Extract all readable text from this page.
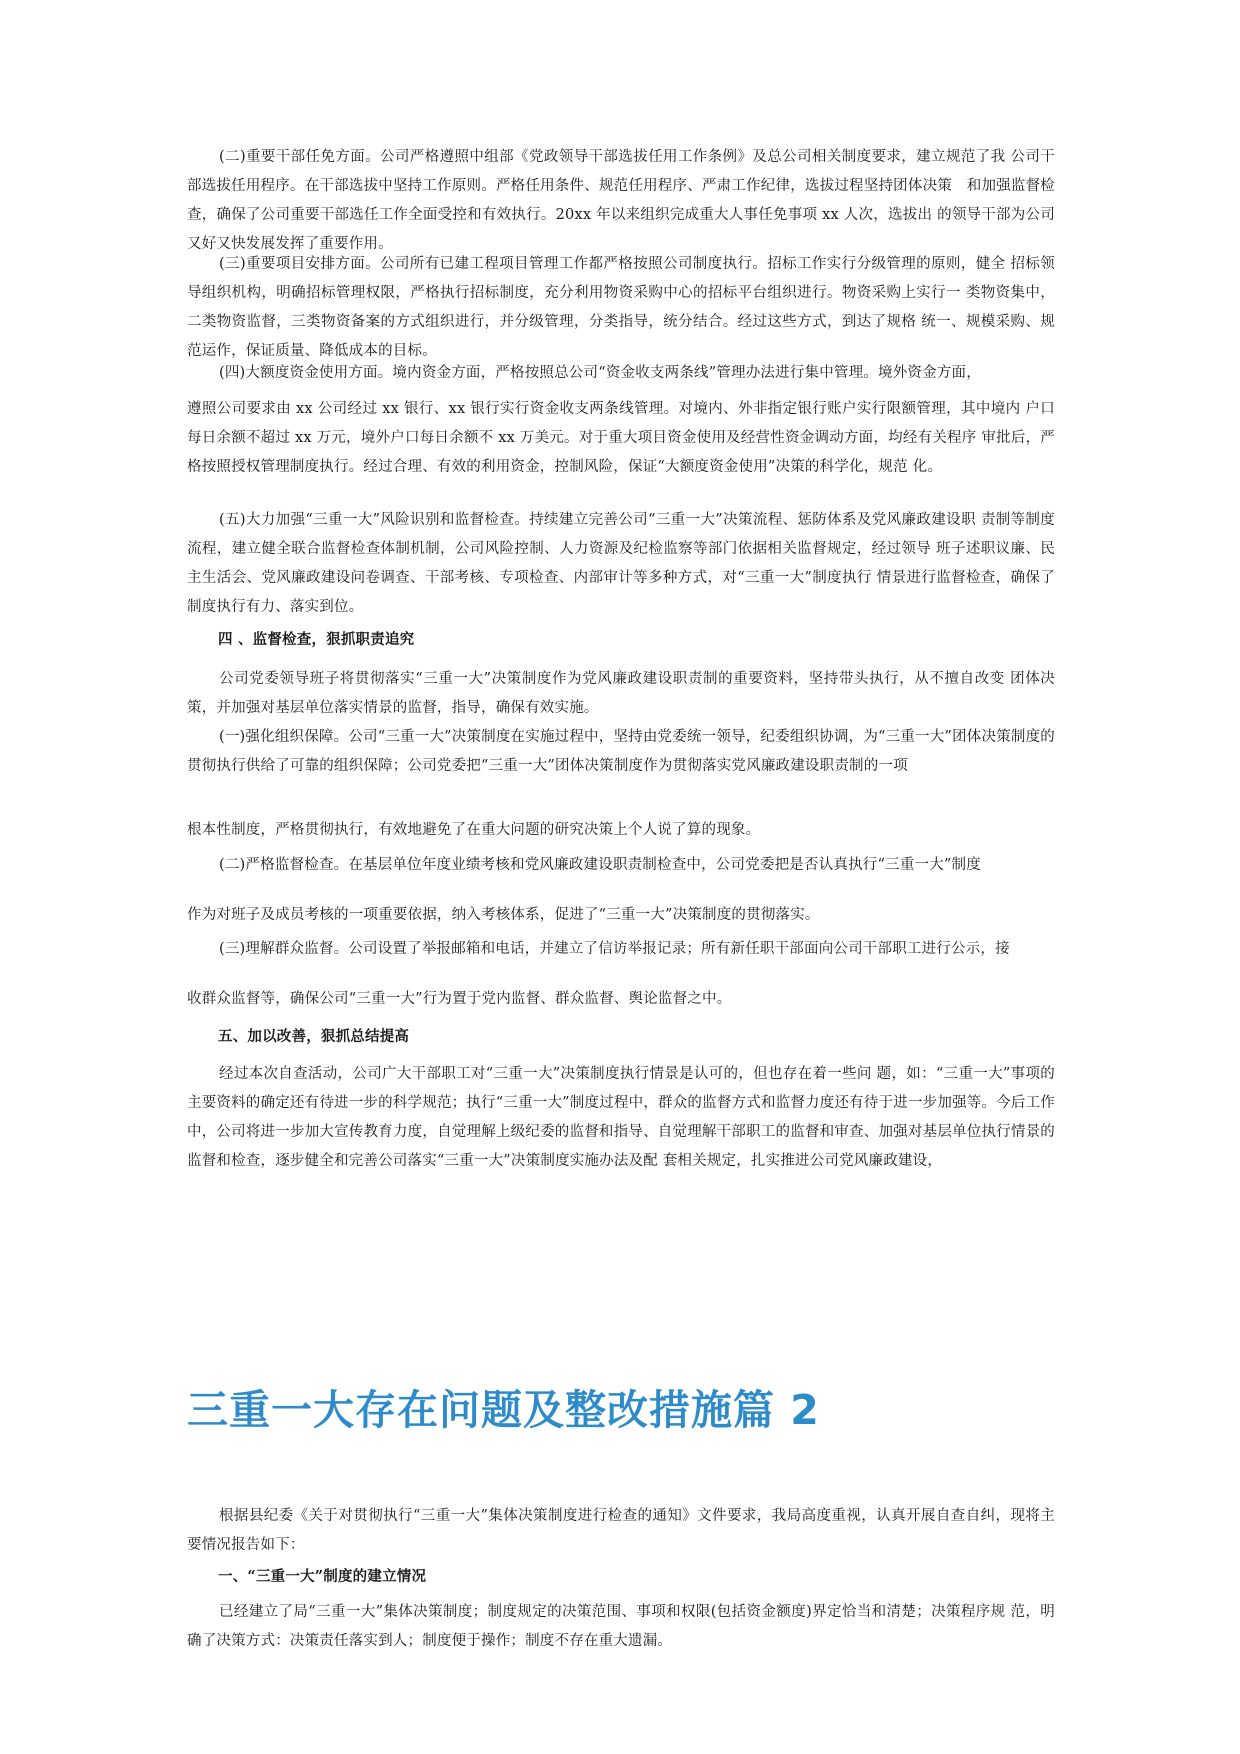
(二)重要干部任免方面。公司严格遵照中组部《党政领导干部选拔任用工作条例》及总公司相关制度要求，建立规范了我 公司干部选拔任用程序。在干部选拔中坚持工作原则。严格任用条件、规范任用程序、严肃工作纪律，选拔过程坚持团体决策　和加强监督检查，确保了公司重要干部选任工作全面受控和有效执行。20xx 年以来组织完成重大人事任免事项 xx 人次，选拔出 的领导干部为公司又好又快发展发挥了重要作用。

(三)重要项目安排方面。公司所有已建工程项目管理工作都严格按照公司制度执行。招标工作实行分级管理的原则，健全 招标领导组织机构，明确招标管理权限，严格执行招标制度，充分利用物资采购中心的招标平台组织进行。物资采购上实行一 类物资集中，二类物资监督，三类物资备案的方式组织进行，并分级管理，分类指导，统分结合。经过这些方式，到达了规格 统一、规模采购、规范运作，保证质量、降低成本的目标。

(四)大额度资金使用方面。境内资金方面，严格按照总公司“资金收支两条线”管理办法进行集中管理。境外资金方面，

遵照公司要求由 xx 公司经过 xx 银行、xx 银行实行资金收支两条线管理。对境内、外非指定银行账户实行限额管理，其中境内 户口每日余额不超过 xx 万元，境外户口每日余额不 xx 万美元。对于重大项目资金使用及经营性资金调动方面，均经有关程序 审批后，严格按照授权管理制度执行。经过合理、有效的利用资金，控制风险，保证“大额度资金使用”决策的科学化，规范 化。

(五)大力加强“三重一大”风险识别和监督检查。持续建立完善公司“三重一大”决策流程、惩防体系及党风廉政建设职 责制等制度流程，建立健全联合监督检查体制机制，公司风险控制、人力资源及纪检监察等部门依据相关监督规定，经过领导 班子述职议廉、民主生活会、党风廉政建设问卷调查、干部考核、专项检查、内部审计等多种方式，对“三重一大”制度执行 情景进行监督检查，确保了制度执行有力、落实到位。

四 、监督检查，狠抓职责追究

公司党委领导班子将贯彻落实“三重一大”决策制度作为党风廉政建设职责制的重要资料，坚持带头执行，从不擅自改变 团体决策，并加强对基层单位落实情景的监督，指导，确保有效实施。

(一)强化组织保障。公司“三重一大”决策制度在实施过程中，坚持由党委统一领导，纪委组织协调，为“三重一大”团体决策制度的贯彻执行供给了可靠的组织保障；公司党委把“三重一大”团体决策制度作为贯彻落实党风廉政建设职责制的一项

根本性制度，严格贯彻执行，有效地避免了在重大问题的研究决策上个人说了算的现象。

(二)严格监督检查。在基层单位年度业绩考核和党风廉政建设职责制检查中，公司党委把是否认真执行“三重一大”制度

作为对班子及成员考核的一项重要依据，纳入考核体系，促进了“三重一大”决策制度的贯彻落实。

(三)理解群众监督。公司设置了举报邮箱和电话，并建立了信访举报记录；所有新任职干部面向公司干部职工进行公示，接

收群众监督等，确保公司“三重一大”行为置于党内监督、群众监督、舆论监督之中。

五、加以改善，狠抓总结提高

经过本次自查活动，公司广大干部职工对“三重一大”决策制度执行情景是认可的，但也存在着一些问 题，如：“三重一大”事项的主要资料的确定还有待进一步的科学规范；执行“三重一大”制度过程中，群众的监督方式和监督力度还有待于进一步加强等。今后工作中，公司将进一步加大宣传教育力度，自觉理解上级纪委的监督和指导、自觉理解干部职工的监督和审查、加强对基层单位执行情景的监督和检查，逐步健全和完善公司落实“三重一大”决策制度实施办法及配 套相关规定，扎实推进公司党风廉政建设，

三重一大存在问题及整改措施篇 2

根据县纪委《关于对贯彻执行“三重一大”集体决策制度进行检查的通知》文件要求，我局高度重视，认真开展自查自纠，现将主要情况报告如下：

一、“三重一大”制度的建立情况

已经建立了局“三重一大”集体决策制度；制度规定的决策范围、事项和权限(包括资金额度)界定恰当和清楚；决策程序规 范，明确了决策方式：决策责任落实到人；制度便于操作；制度不存在重大遗漏。
